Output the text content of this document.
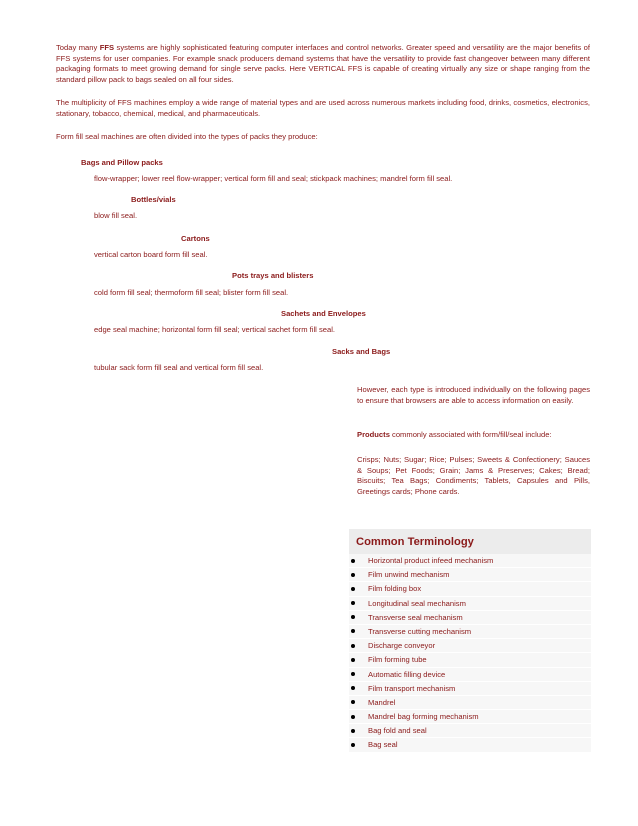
Today many FFS systems are highly sophisticated featuring computer interfaces and control networks. Greater speed and versatility are the major benefits of FFS systems for user companies. For example snack producers demand systems that have the versatility to provide fast changeover between many different packaging formats to meet growing demand for single serve packs. Here VERTICAL FFS is capable of creating virtually any size or shape ranging from the standard pillow pack to bags sealed on all four sides.

The multiplicity of FFS machines employ a wide range of material types and are used across numerous markets including food, drinks, cosmetics, electronics, stationary, tobacco, chemical, medical, and pharmaceuticals.

Form fill seal machines are often divided into the types of packs they produce:

Bags and Pillow packs

flow-wrapper; lower reel flow-wrapper; vertical form fill and seal; stickpack machines; mandrel form fill seal.

Bottles/vials

blow fill seal.

Cartons

vertical carton board form fill seal.

Pots trays and blisters

cold form fill seal; thermoform fill seal; blister form fill seal.

Sachets and Envelopes

edge seal machine; horizontal form fill seal; vertical sachet form fill seal.

Sacks and Bags

tubular sack form fill seal and vertical form fill seal.

However, each type is introduced individually on the following pages to ensure that browsers are able to access information on easily.

Products commonly associated with form/fill/seal include:

Crisps; Nuts; Sugar; Rice; Pulses; Sweets & Confectionery; Sauces & Soups; Pet Foods; Grain; Jams & Preserves; Cakes; Bread; Biscuits; Tea Bags; Condiments; Tablets, Capsules and Pills, Greetings cards; Phone cards.

Common Terminology
Horizontal product infeed mechanism
Film unwind mechanism
Film folding box
Longitudinal seal mechanism
Transverse seal mechanism
Transverse cutting mechanism
Discharge conveyor
Film forming tube
Automatic filling device
Film transport mechanism
Mandrel
Mandrel bag forming mechanism
Bag fold and seal
Bag seal
